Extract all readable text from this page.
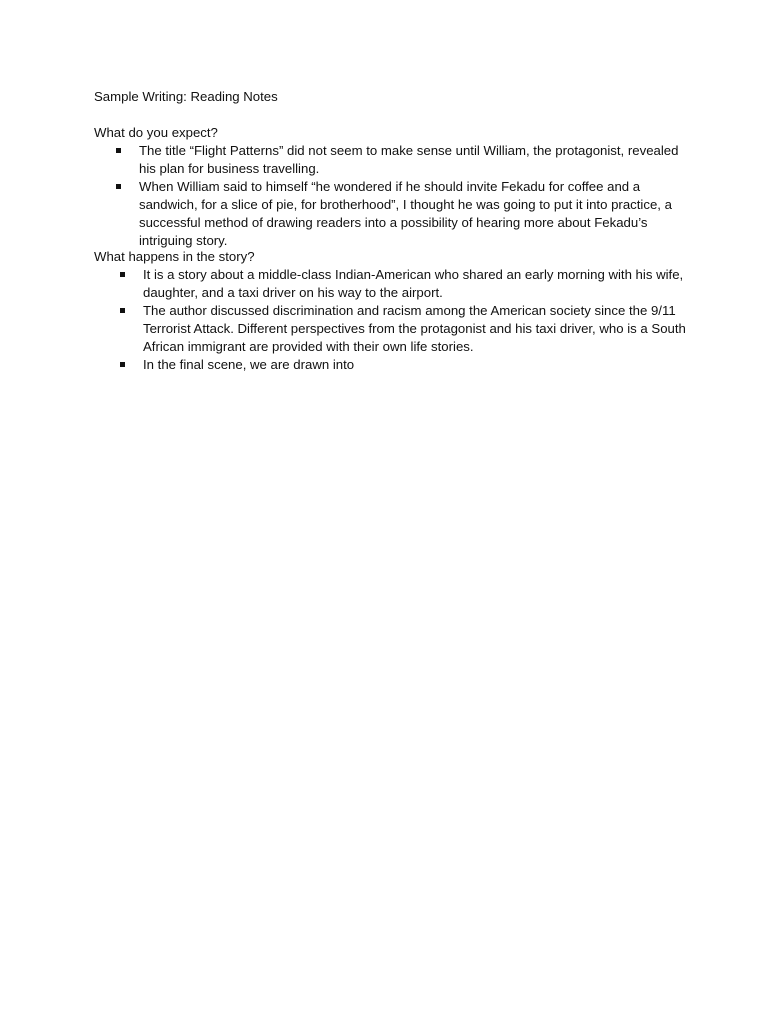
Sample Writing: Reading Notes
What do you expect?
The title “Flight Patterns” did not seem to make sense until William, the protagonist, revealed his plan for business travelling.
When William said to himself “he wondered if he should invite Fekadu for coffee and a sandwich, for a slice of pie, for brotherhood”, I thought he was going to put it into practice, a successful method of drawing readers into a possibility of hearing more about Fekadu’s intriguing story.
What happens in the story?
It is a story about a middle-class Indian-American who shared an early morning with his wife, daughter, and a taxi driver on his way to the airport.
The author discussed discrimination and racism among the American society since the 9/11 Terrorist Attack. Different perspectives from the protagonist and his taxi driver, who is a South African immigrant are provided with their own life stories.
In the final scene, we are drawn into
